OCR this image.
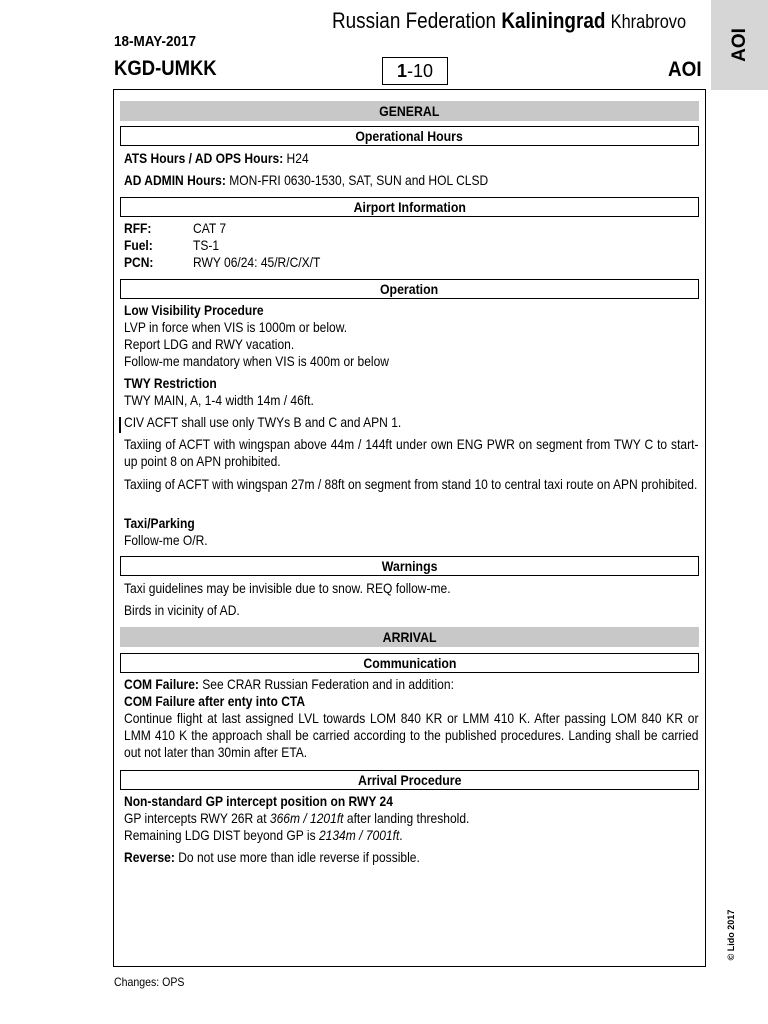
Russian Federation Kaliningrad Khrabrovo
18-MAY-2017
KGD-UMKK	1-10	AOI
AOI
GENERAL
Operational Hours
ATS Hours / AD OPS Hours: H24
AD ADMIN Hours: MON-FRI 0630-1530, SAT, SUN and HOL CLSD
Airport Information
RFF:	CAT 7
Fuel:	TS-1
PCN:	RWY 06/24: 45/R/C/X/T
Operation
Low Visibility Procedure
LVP in force when VIS is 1000m or below.
Report LDG and RWY vacation.
Follow-me mandatory when VIS is 400m or below
TWY Restriction
TWY MAIN, A, 1-4 width 14m / 46ft.
CIV ACFT shall use only TWYs B and C and APN 1.
Taxiing of ACFT with wingspan above 44m / 144ft under own ENG PWR on segment from TWY C to start-up point 8 on APN prohibited.
Taxiing of ACFT with wingspan 27m / 88ft on segment from stand 10 to central taxi route on APN prohibited.
Taxi/Parking
Follow-me O/R.
Warnings
Taxi guidelines may be invisible due to snow. REQ follow-me.
Birds in vicinity of AD.
ARRIVAL
Communication
COM Failure: See CRAR Russian Federation and in addition:
COM Failure after enty into CTA
Continue flight at last assigned LVL towards LOM 840 KR or LMM 410 K. After passing LOM 840 KR or LMM 410 K the approach shall be carried according to the published procedures. Landing shall be carried out not later than 30min after ETA.
Arrival Procedure
Non-standard GP intercept position on RWY 24
GP intercepts RWY 26R at 366m / 1201ft after landing threshold.
Remaining LDG DIST beyond GP is 2134m / 7001ft.
Reverse: Do not use more than idle reverse if possible.
© Lido 2017
Changes: OPS
